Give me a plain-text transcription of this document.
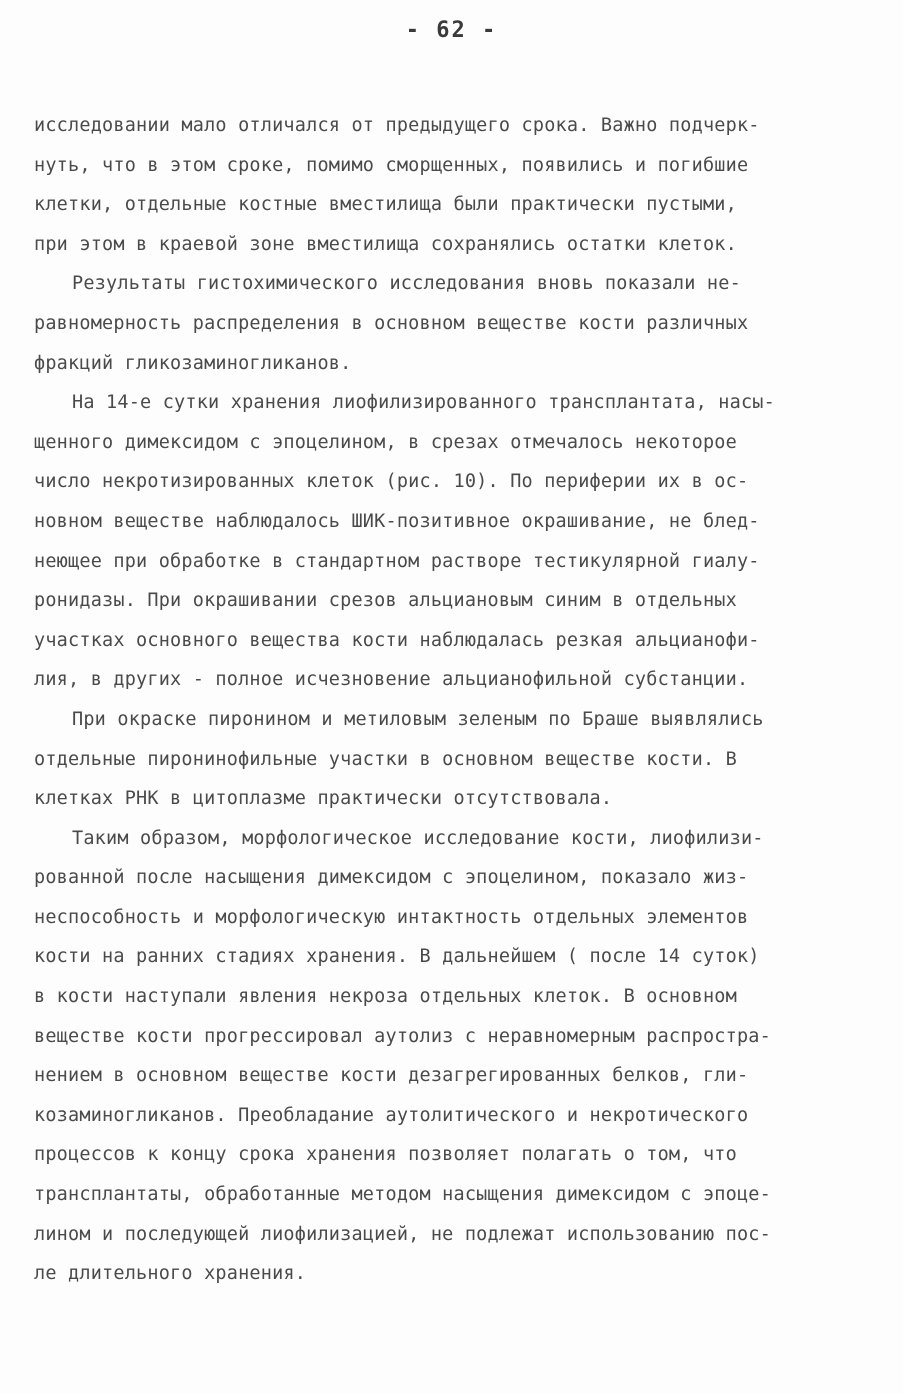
- 62 -
исследовании мало отличался от предыдущего срока. Важно подчерк-
нуть, что в этом сроке, помимо сморщенных, появились и погибшие
клетки, отдельные костные вместилища были практически пустыми,
при этом в краевой зоне вместилища сохранялись остатки клеток.
Результаты гистохимического исследования вновь показали не-
равномерность распределения в основном веществе кости различных
фракций гликозаминогликанов.
На 14-е сутки хранения лиофилизированного трансплантата, насы-
щенного димексидом с эпоцелином, в срезах отмечалось некоторое
число некротизированных клеток (рис. 10). По периферии их в ос-
новном веществе наблюдалось ШИК-позитивное окрашивание, не блед-
неющее при обработке в стандартном растворе тестикулярной гиалу-
ронидазы. При окрашивании срезов альциановым синим в отдельных
участках основного вещества кости наблюдалась резкая альцианофи-
лия, в других - полное исчезновение альцианофильной субстанции.
При окраске пиронином и метиловым зеленым по Браше выявлялись
отдельные пиронинофильные участки в основном веществе кости. В
клетках РНК в цитоплазме практически отсутствовала.
Таким образом, морфологическое исследование кости, лиофилизи-
рованной после насыщения димексидом с эпоцелином, показало жиз-
неспособность и морфологическую интактность отдельных элементов
кости на ранних стадиях хранения. В дальнейшем ( после 14 суток)
в кости наступали явления некроза отдельных клеток. В основном
веществе кости прогрессировал аутолиз с неравномерным распростра-
нением в основном веществе кости дезагрегированных белков, гли-
козаминогликанов. Преобладание аутолитического и некротического
процессов к концу срока хранения позволяет полагать о том, что
трансплантаты, обработанные методом насыщения димексидом с эпоце-
лином и последующей лиофилизацией, не подлежат использованию пос-
ле длительного хранения.
